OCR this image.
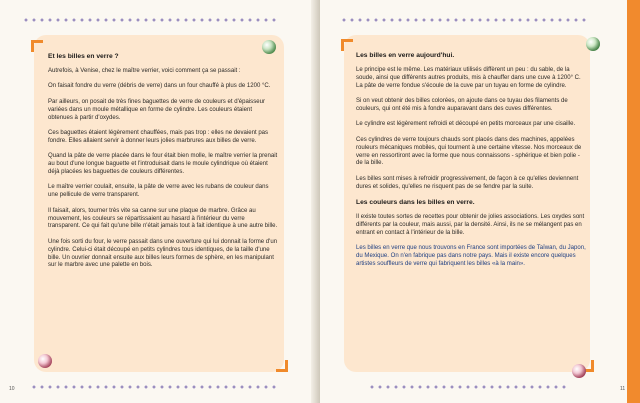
Et les billes en verre ?

Autrefois, à Venise, chez le maître verrier, voici comment ça se passait :

On faisait fondre du verre (débris de verre) dans un four chauffé à plus de 1200 °C.

Par ailleurs, on posait de très fines baguettes de verre de couleurs et d'épaisseur variées dans un moule métallique en forme de cylindre. Les couleurs étaient obtenues à partir d'oxydes.

Ces baguettes étaient légèrement chauffées, mais pas trop : elles ne devaient pas fondre. Elles allaient servir à donner leurs jolies marbrures aux billes de verre.

Quand la pâte de verre placée dans le four était bien molle, le maître verrier la prenait au bout d'une longue baguette et l'introduisait dans le moule cylindrique où étaient déjà placées les baguettes de couleurs différentes.

Le maître verrier coulait, ensuite, la pâte de verre avec les rubans de couleur dans une pellicule de verre transparent.

Il faisait, alors, tourner très vite sa canne sur une plaque de marbre. Grâce au mouvement, les couleurs se répartissaient au hasard à l'intérieur du verre transparent. Ce qui fait qu'une bille n'était jamais tout à fait identique à une autre bille.

Une fois sorti du four, le verre passait dans une ouverture qui lui donnait la forme d'un cylindre. Celui-ci était découpé en petits cylindres tous identiques, de la taille d'une bille. Un ouvrier donnait ensuite aux billes leurs formes de sphère, en les manipulant sur le marbre avec une palette en bois.

10
Les billes en verre aujourd'hui.

Le principe est le même. Les matériaux utilisés diffèrent un peu : du sable, de la soude, ainsi que différents autres produits, mis à chauffer dans une cuve à 1200° C. La pâte de verre fondue s'écoule de la cuve par un tuyau en forme de cylindre.

Si on veut obtenir des billes colorées, on ajoute dans ce tuyau des filaments de couleurs, qui ont été mis à fondre auparavant dans des cuves différentes.

Le cylindre est légèrement refroidi et découpé en petits morceaux par une cisaille.

Ces cylindres de verre toujours chauds sont placés dans des machines, appelées rouleurs mécaniques mobiles, qui tournent à une certaine vitesse. Nos morceaux de verre en ressortiront avec la forme que nous connaissons - sphérique et bien polie - de la bille.

Les billes sont mises à refroidir progressivement, de façon à ce qu'elles deviennent dures et solides, qu'elles ne risquent pas de se fendre par la suite.

Les couleurs dans les billes en verre.

Il existe toutes sortes de recettes pour obtenir de jolies associations. Les oxydes sont différents par la couleur, mais aussi, par la densité. Ainsi, ils ne se mélangent pas en entrant en contact à l'intérieur de la bille.

Les billes en verre que nous trouvons en France sont importées de Taïwan, du Japon, du Mexique. On n'en fabrique pas dans notre pays. Mais il existe encore quelques artistes souffleurs de verre qui fabriquent les billes «à la main».

11
